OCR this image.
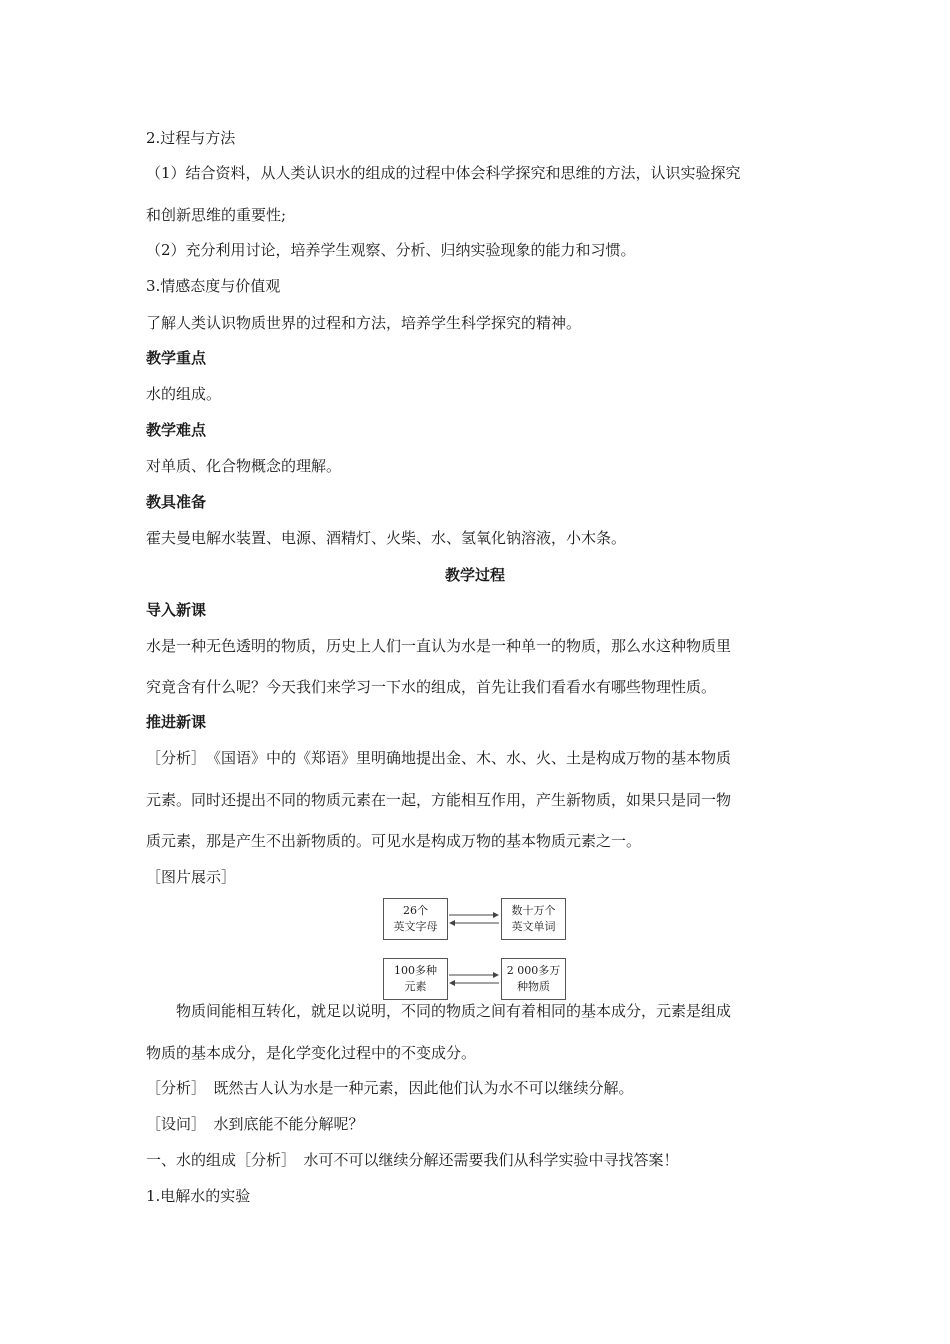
2.过程与方法
（1）结合资料，从人类认识水的组成的过程中体会科学探究和思维的方法，认识实验探究
和创新思维的重要性;
（2）充分利用讨论，培养学生观察、分析、归纳实验现象的能力和习惯。
3.情感态度与价值观
了解人类认识物质世界的过程和方法，培养学生科学探究的精神。
教学重点
水的组成。
教学难点
对单质、化合物概念的理解。
教具准备
霍夫曼电解水装置、电源、酒精灯、火柴、水、氢氧化钠溶液，小木条。
教学过程
导入新课
水是一种无色透明的物质，历史上人们一直认为水是一种单一的物质，那么水这种物质里
究竟含有什么呢？今天我们来学习一下水的组成，首先让我们看看水有哪些物理性质。
推进新课
［分析］　《国语》中的《郑语》里明确地提出金、木、水、火、土是构成万物的基本物质
元素。同时还提出不同的物质元素在一起，方能相互作用，产生新物质，如果只是同一物
质元素，那是产生不出新物质的。可见水是构成万物的基本物质元素之一。
［图片展示］
26个
英文字母
数十万个
英文单词
100多种
元素
2 000多万
种物质
　　物质间能相互转化，就足以说明，不同的物质之间有着相同的基本成分，元素是组成
物质的基本成分，是化学变化过程中的不变成分。
［分析］　既然古人认为水是一种元素，因此他们认为水不可以继续分解。
［设问］　水到底能不能分解呢？
一、水的组成［分析］　水可不可以继续分解还需要我们从科学实验中寻找答案！
1.电解水的实验
